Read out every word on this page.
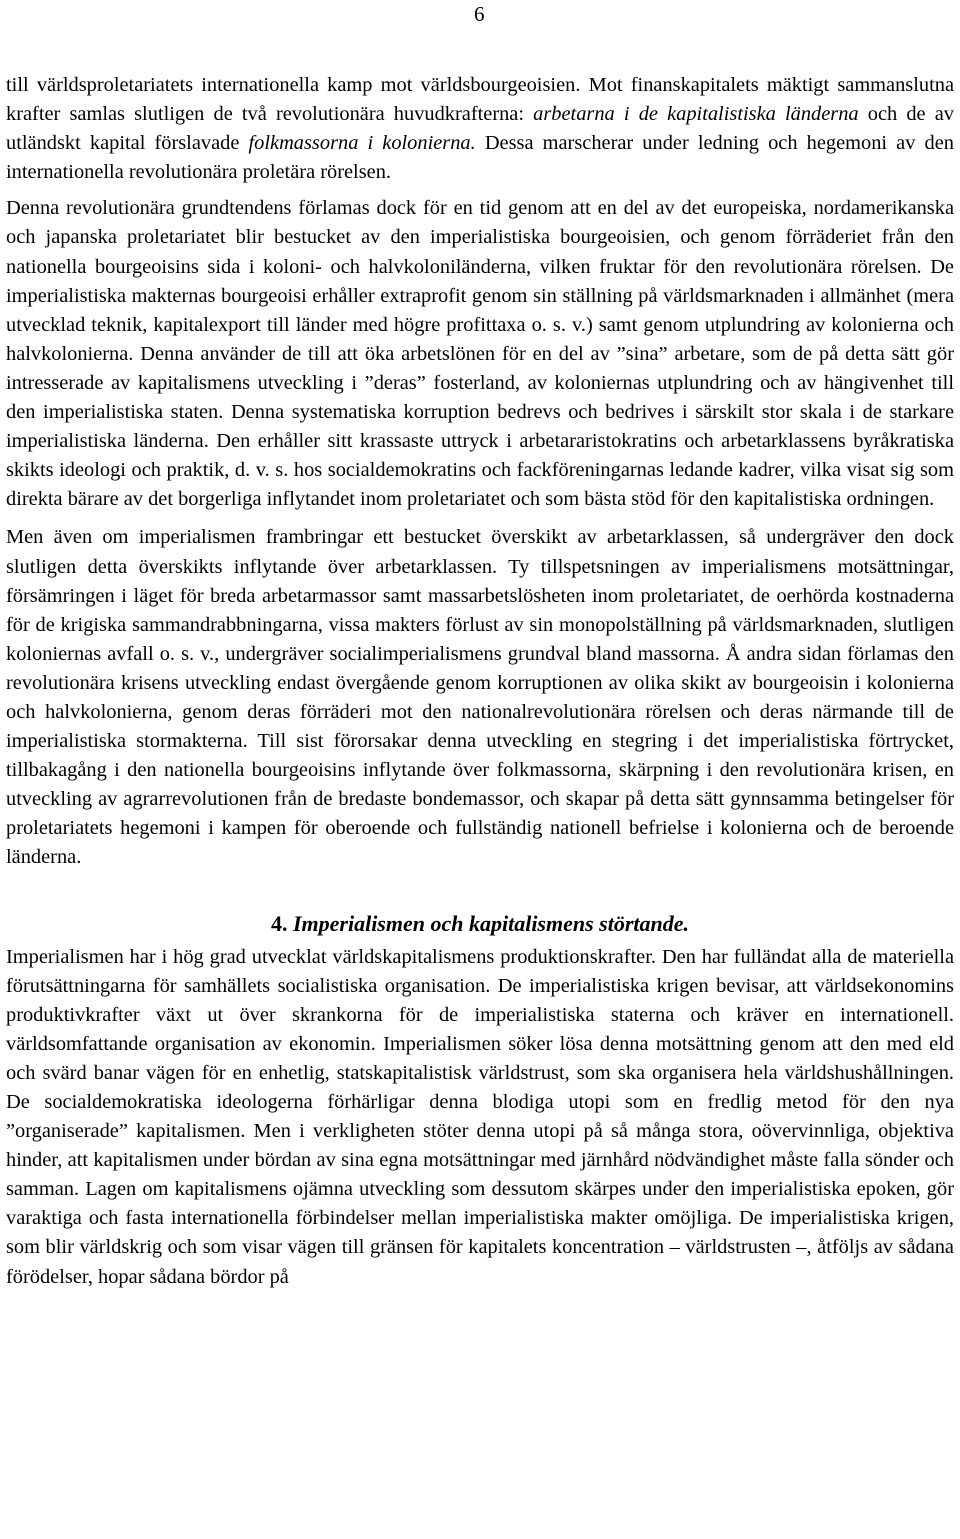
6

till världsproletariatets internationella kamp mot världsbourgeoisien. Mot finanskapitalets mäktigt sammanslutna krafter samlas slutligen de två revolutionära huvudkrafterna: arbetarna i de kapitalistiska länderna och de av utländskt kapital förslavade folkmassorna i kolonierna. Dessa marscherar under ledning och hegemoni av den internationella revolutionära proletära rörelsen.

Denna revolutionära grundtendens förlamas dock för en tid genom att en del av det europeiska, nordamerikanska och japanska proletariatet blir bestucket av den imperialistiska bourgeoisien, och genom förräderiet från den nationella bourgeoisins sida i koloni- och halvkoloniländerna, vilken fruktar för den revolutionära rörelsen. De imperialistiska makternas bourgeoisi erhåller extraprofit genom sin ställning på världsmarknaden i allmänhet (mera utvecklad teknik, kapitalexport till länder med högre profittaxa o. s. v.) samt genom utplundring av kolonierna och halvkolonierna. Denna använder de till att öka arbetslönen för en del av ”sina” arbetare, som de på detta sätt gör intresserade av kapitalismens utveckling i ”deras” fosterland, av koloniernas utplundring och av hängivenhet till den imperialistiska staten. Denna systematiska korruption bedrevs och bedrives i särskilt stor skala i de starkare imperialistiska länderna. Den erhåller sitt krassaste uttryck i arbetararistokratins och arbetarklassens byråkratiska skikts ideologi och praktik, d. v. s. hos socialdemokratins och fackföreningarnas ledande kadrer, vilka visat sig som direkta bärare av det borgerliga inflytandet inom proletariatet och som bästa stöd för den kapitalistiska ordningen.

Men även om imperialismen frambringar ett bestucket överskikt av arbetarklassen, så undergräver den dock slutligen detta överskikts inflytande över arbetarklassen. Ty tillspetsningen av imperialismens motsättningar, försämringen i läget för breda arbetarmassor samt massarbetslösheten inom proletariatet, de oerhörda kostnaderna för de krigiska sammandrabbningarna, vissa makters förlust av sin monopolställning på världsmarknaden, slutligen koloniernas avfall o. s. v., undergräver socialimperialismens grundval bland massorna. Å andra sidan förlamas den revolutionära krisens utveckling endast övergående genom korruptionen av olika skikt av bourgeoisin i kolonierna och halvkolonierna, genom deras förräderi mot den nationalrevolutionära rörelsen och deras närmande till de imperialistiska stormakterna. Till sist förorsakar denna utveckling en stegring i det imperialistiska förtrycket, tillbakagång i den nationella bourgeoisins inflytande över folkmassorna, skärpning i den revolutionära krisen, en utveckling av agrarrevolutionen från de bredaste bondemassor, och skapar på detta sätt gynnsamma betingelser för proletariatets hegemoni i kampen för oberoende och fullständig nationell befrielse i kolonierna och de beroende länderna.

4. Imperialismen och kapitalismens störtande.

Imperialismen har i hög grad utvecklat världskapitalismens produktionskrafter. Den har fulländat alla de materiella förutsättningarna för samhällets socialistiska organisation. De imperialistiska krigen bevisar, att världsekonomins produktivkrafter växt ut över skrankorna för de imperialistiska staterna och kräver en internationell. världsomfattande organisation av ekonomin. Imperialismen söker lösa denna motsättning genom att den med eld och svärd banar vägen för en enhetlig, statskapitalistisk världstrust, som ska organisera hela världshushållningen. De socialdemokratiska ideologerna förhärligar denna blodiga utopi som en fredlig metod för den nya ”organiserade” kapitalismen. Men i verkligheten stöter denna utopi på så många stora, oövervinnliga, objektiva hinder, att kapitalismen under bördan av sina egna motsättningar med järnhård nödvändighet måste falla sönder och samman. Lagen om kapitalismens ojämna utveckling som dessutom skärpes under den imperialistiska epoken, gör varaktiga och fasta internationella förbindelser mellan imperialistiska makter omöjliga. De imperialistiska krigen, som blir världskrig och som visar vägen till gränsen för kapitalets koncentration – världstrusten –, åtföljs av sådana förödelser, hopar sådana bördor på
